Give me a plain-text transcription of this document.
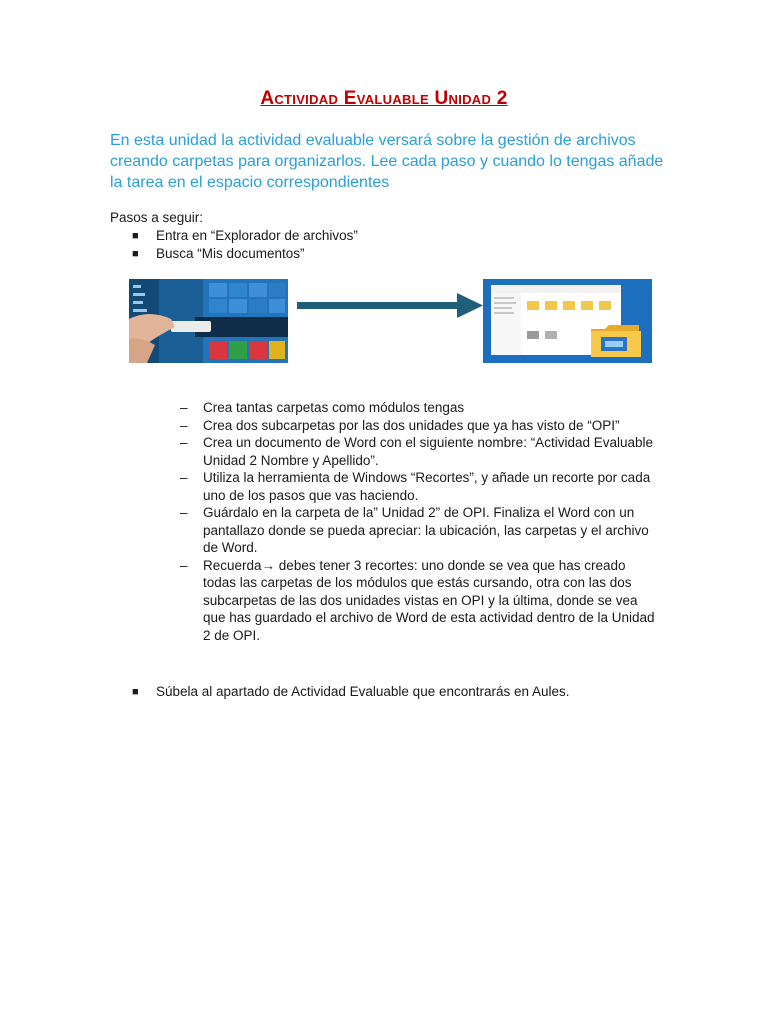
Actividad Evaluable Unidad 2
En esta unidad la actividad evaluable versará sobre la gestión de archivos creando carpetas para organizarlos. Lee cada paso y cuando lo tengas añade la tarea en el espacio correspondientes
Pasos a seguir:
■ Entra en “Explorador de archivos”
■ Busca “Mis documentos”
– Crea tantas carpetas como módulos tengas
– Crea dos subcarpetas por las dos unidades que ya has visto de “OPI”
– Crea un documento de Word con el siguiente nombre: “Actividad Evaluable Unidad 2 Nombre y Apellido”.
– Utiliza la herramienta de Windows “Recortes”, y añade un recorte por cada uno de los pasos que vas haciendo.
– Guárdalo en la carpeta de la” Unidad 2” de OPI. Finaliza el Word con un pantallazo donde se pueda apreciar: la ubicación, las carpetas y el archivo de Word.
– Recuerda→ debes tener 3 recortes: uno donde se vea que has creado todas las carpetas de los módulos que estás cursando, otra con las dos subcarpetas de las dos unidades vistas en OPI y la última, donde se vea que has guardado el archivo de Word de esta actividad dentro de la Unidad 2 de OPI.
■ Súbela al apartado de Actividad Evaluable que encontrarás en Aules.
